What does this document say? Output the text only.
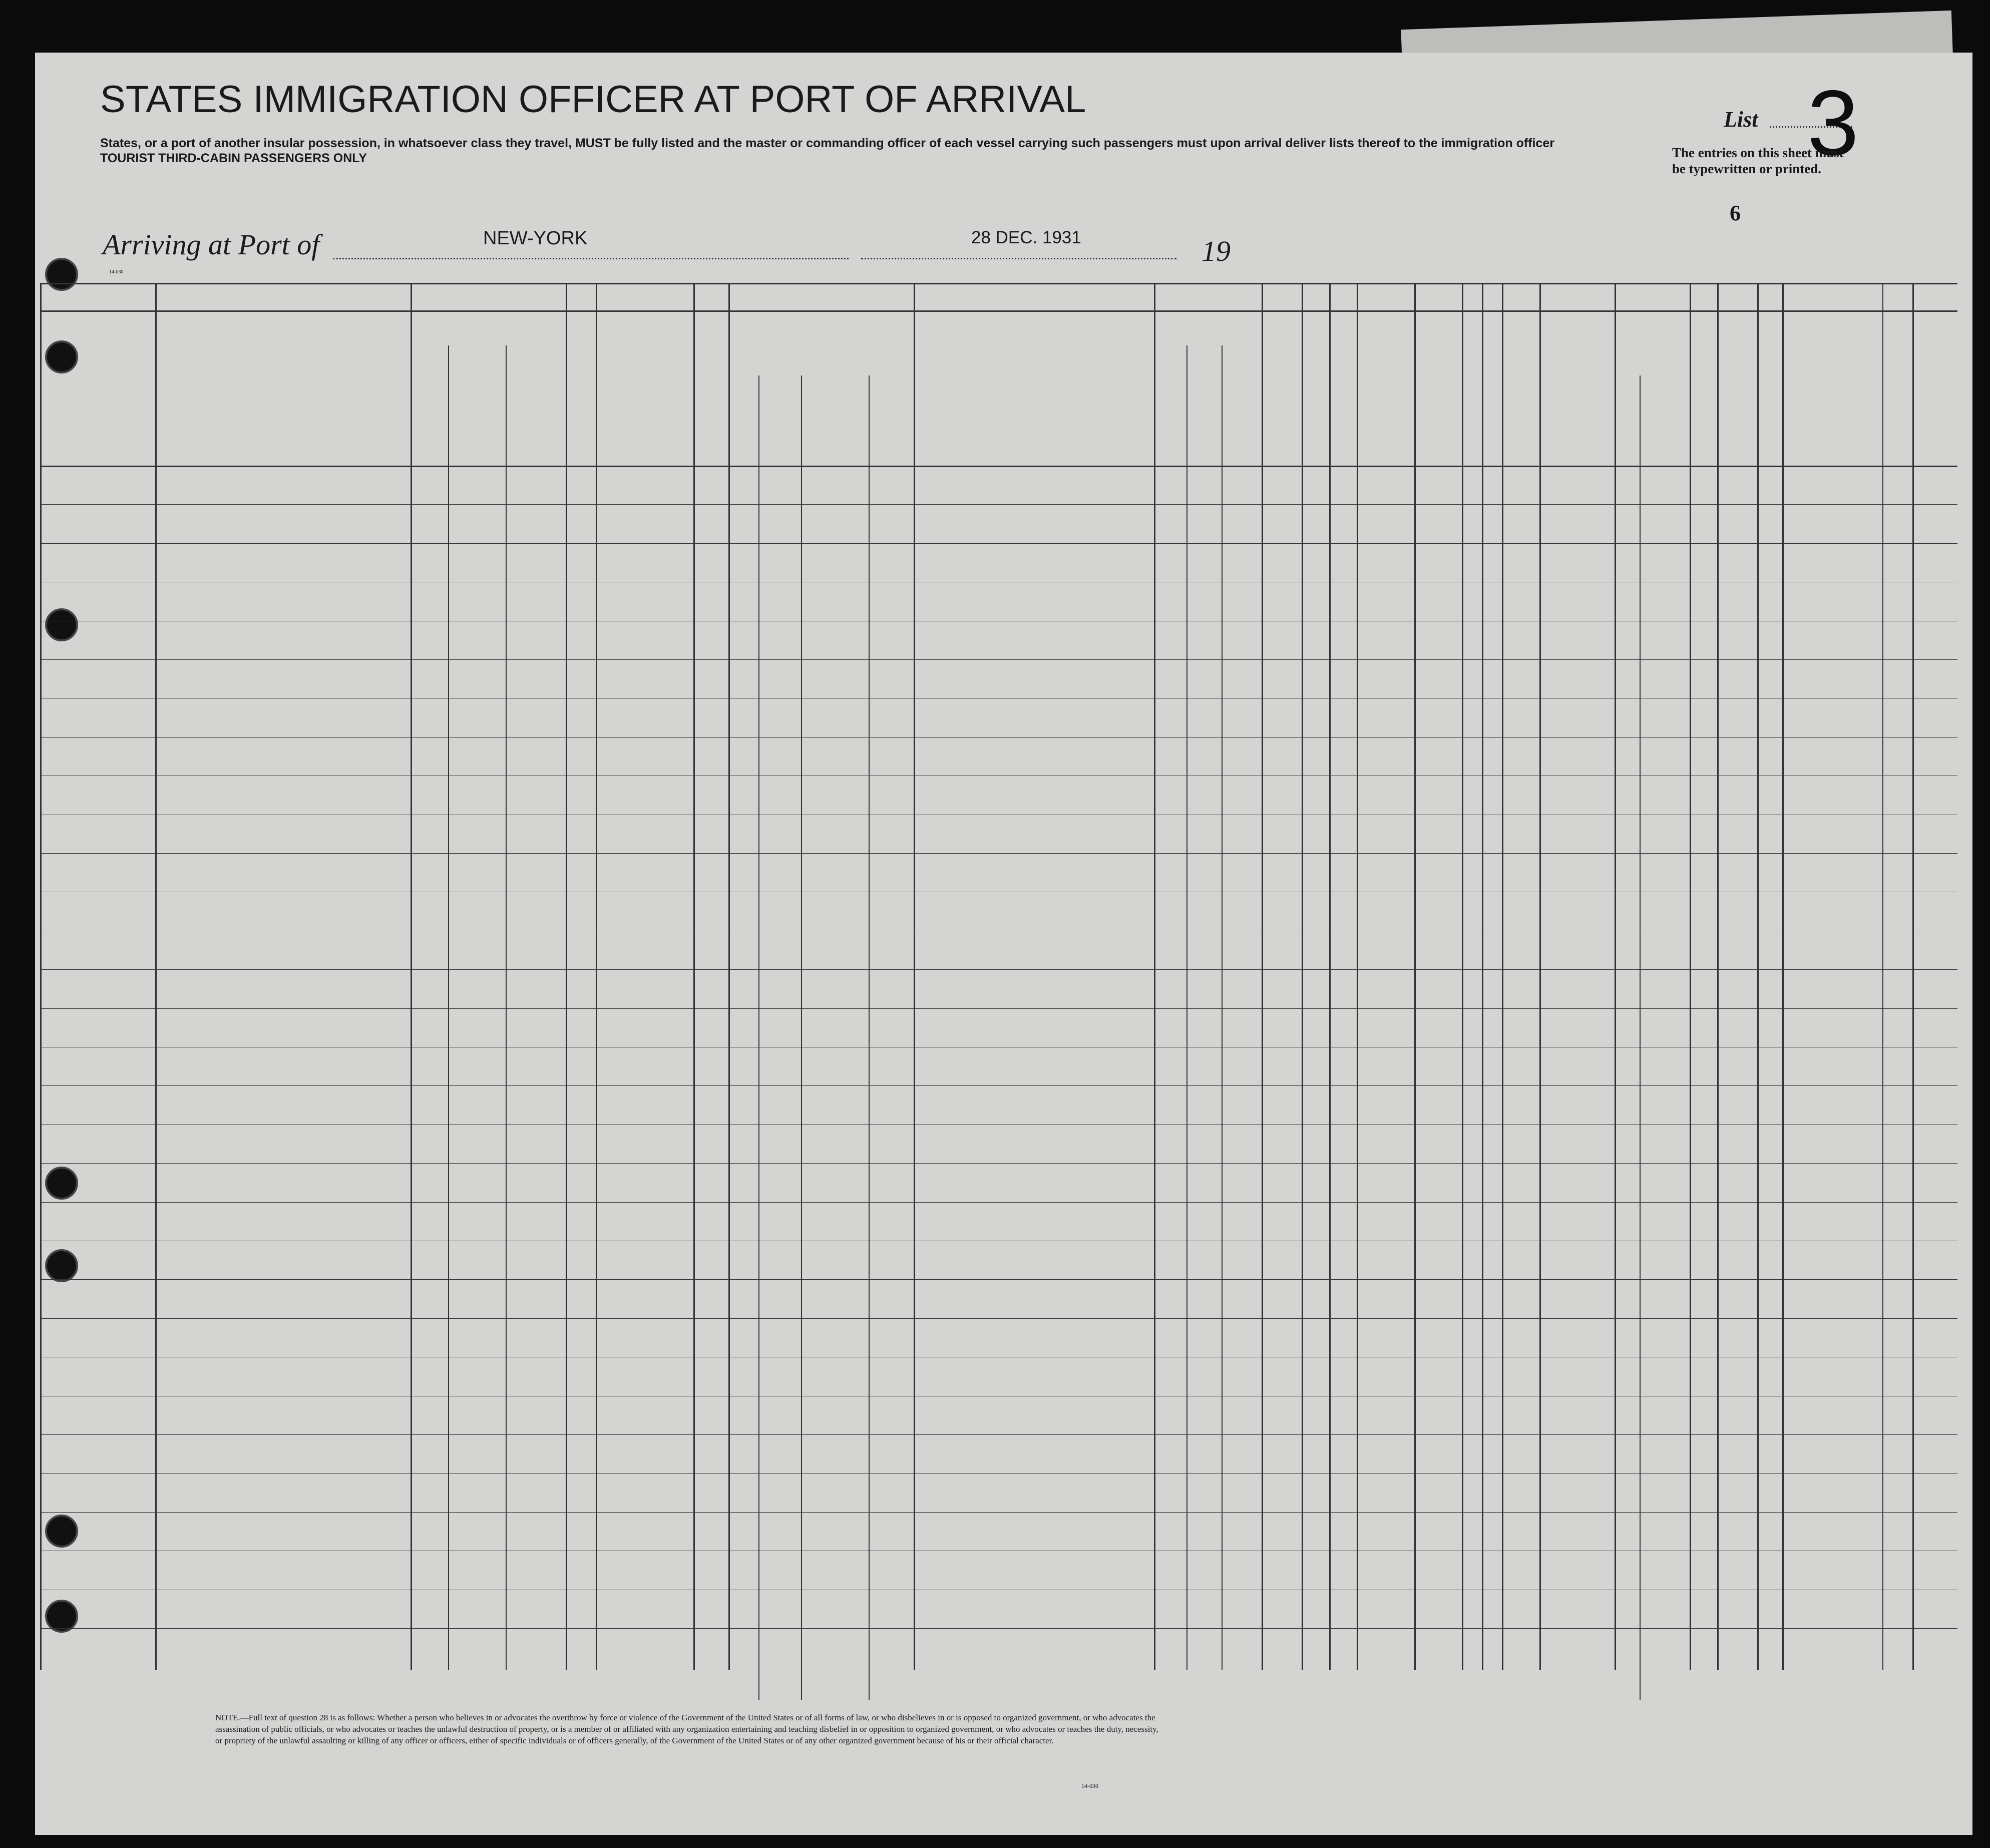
STATES IMMIGRATION OFFICER AT PORT OF ARRIVAL
States, or a port of another insular possession, in whatsoever class they travel, MUST be fully listed and the master or commanding officer of each vessel carrying such passengers must upon arrival deliver lists thereof to the immigration officer
TOURIST THIRD-CABIN PASSENGERS ONLY
List 3
The entries on this sheet must
be typewritten or printed.
6
Arriving at Port of	NEW-YORK	28 DEC. 1931	19
14-030
NOTE.—Full text of question 28 is as follows: Whether a person who believes in or advocates the overthrow by force or violence of the Government of the United States or of all forms of law, or who disbelieves in or is opposed to organized government, or who advocates the assassination of public officials, or who advocates or teaches the unlawful destruction of property, or is a member of or affiliated with any organization entertaining and teaching disbelief in or opposition to organized government, or who advocates or teaches the duty, necessity, or propriety of the unlawful assaulting or killing of any officer or officers, either of specific individuals or of officers generally, of the Government of the United States or of any other organized government because of his or their official character.
14-030
